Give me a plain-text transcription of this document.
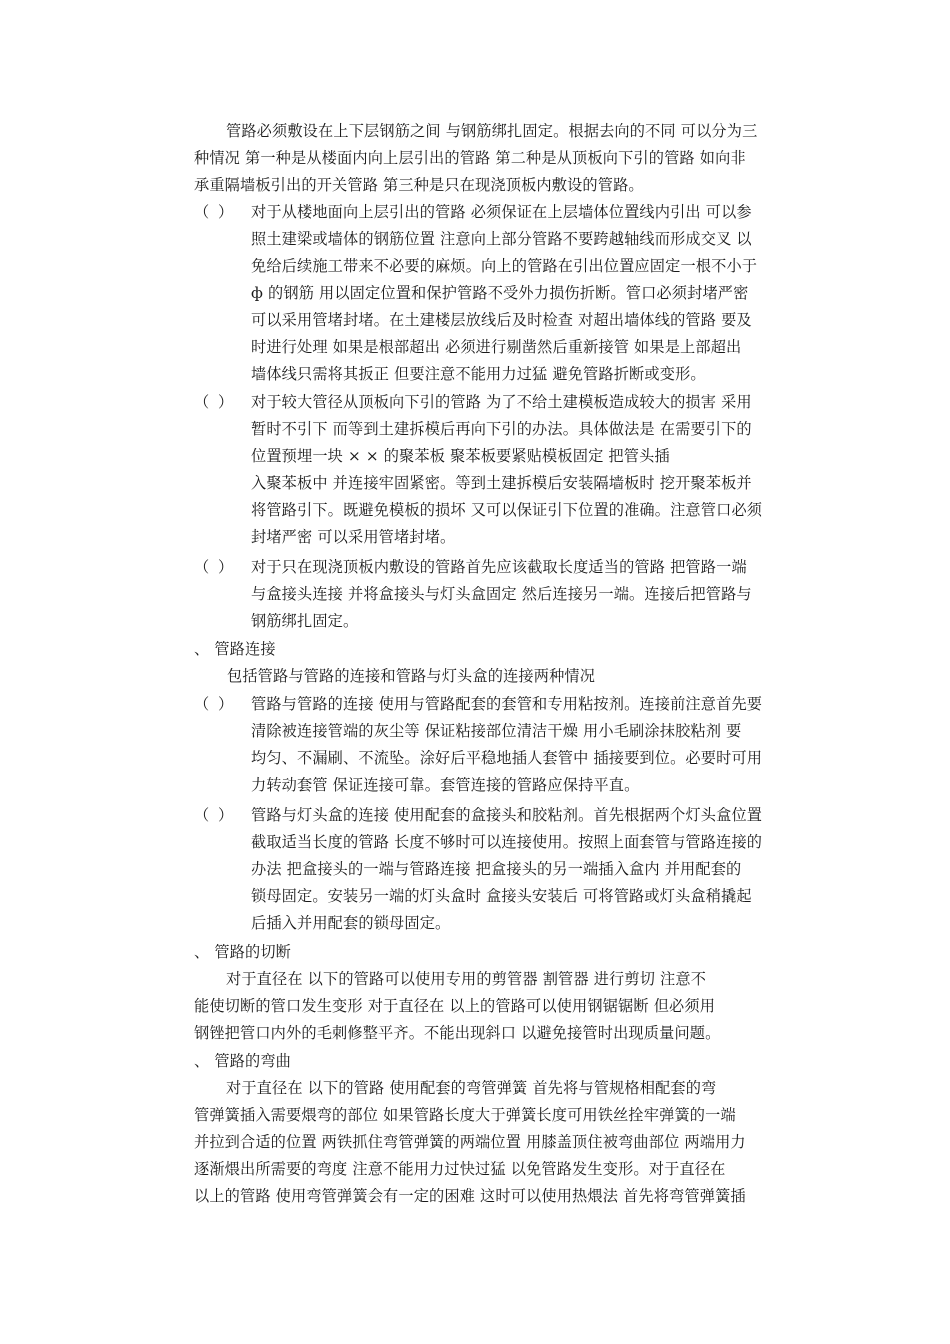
管路必须敷设在上下层钢筋之间 与钢筋绑扎固定。根据去向的不同 可以分为三
种情况 第一种是从楼面内向上层引出的管路 第二种是从顶板向下引的管路 如向非
承重隔墙板引出的开关管路 第三种是只在现浇顶板内敷设的管路。
（ ） 对于从楼地面向上层引出的管路 必须保证在上层墙体位置线内引出 可以参
照土建梁或墙体的钢筋位置 注意向上部分管路不要跨越轴线而形成交叉 以
免给后续施工带来不必要的麻烦。向上的管路在引出位置应固定一根不小于
ф 的钢筋 用以固定位置和保护管路不受外力损伤折断。管口必须封堵严密
可以采用管堵封堵。在土建楼层放线后及时检查 对超出墙体线的管路 要及
时进行处理 如果是根部超出 必须进行剔凿然后重新接管 如果是上部超出
墙体线只需将其扳正 但要注意不能用力过猛 避免管路折断或变形。
（ ） 对于较大管径从顶板向下引的管路 为了不给土建模板造成较大的损害 采用
暂时不引下 而等到土建拆模后再向下引的办法。具体做法是 在需要引下的
位置预埋一块 × × 的聚苯板 聚苯板要紧贴模板固定 把管头插
入聚苯板中 并连接牢固紧密。等到土建拆模后安装隔墙板时 挖开聚苯板并
将管路引下。既避免模板的损坏 又可以保证引下位置的准确。注意管口必须
封堵严密 可以采用管堵封堵。
（ ） 对于只在现浇顶板内敷设的管路首先应该截取长度适当的管路 把管路一端
与盒接头连接 并将盒接头与灯头盒固定 然后连接另一端。连接后把管路与
钢筋绑扎固定。
、 管路连接
包括管路与管路的连接和管路与灯头盒的连接两种情况
（ ） 管路与管路的连接 使用与管路配套的套管和专用粘按剂。连接前注意首先要
清除被连接管端的灰尘等 保证粘接部位清洁干燥 用小毛刷涂抹胶粘剂 要
均匀、不漏刷、不流坠。涂好后平稳地插人套管中 插接要到位。必要时可用
力转动套管 保证连接可靠。套管连接的管路应保持平直。
（ ） 管路与灯头盒的连接 使用配套的盒接头和胶粘剂。首先根据两个灯头盒位置
截取适当长度的管路 长度不够时可以连接使用。按照上面套管与管路连接的
办法 把盒接头的一端与管路连接 把盒接头的另一端插入盒内 并用配套的
锁母固定。安装另一端的灯头盒时 盒接头安装后 可将管路或灯头盒稍撬起
后插入并用配套的锁母固定。
、 管路的切断
对于直径在 以下的管路可以使用专用的剪管器 割管器 进行剪切 注意不
能使切断的管口发生变形 对于直径在 以上的管路可以使用钢锯锯断 但必须用
钢锉把管口内外的毛刺修整平齐。不能出现斜口 以避免接管时出现质量问题。
、 管路的弯曲
对于直径在 以下的管路 使用配套的弯管弹簧 首先将与管规格相配套的弯
管弹簧插入需要煨弯的部位 如果管路长度大于弹簧长度可用铁丝拴牢弹簧的一端
并拉到合适的位置 两铁抓住弯管弹簧的两端位置 用膝盖顶住被弯曲部位 两端用力
逐渐煨出所需要的弯度 注意不能用力过快过猛 以免管路发生变形。对于直径在
以上的管路 使用弯管弹簧会有一定的困难 这时可以使用热煨法 首先将弯管弹簧插
